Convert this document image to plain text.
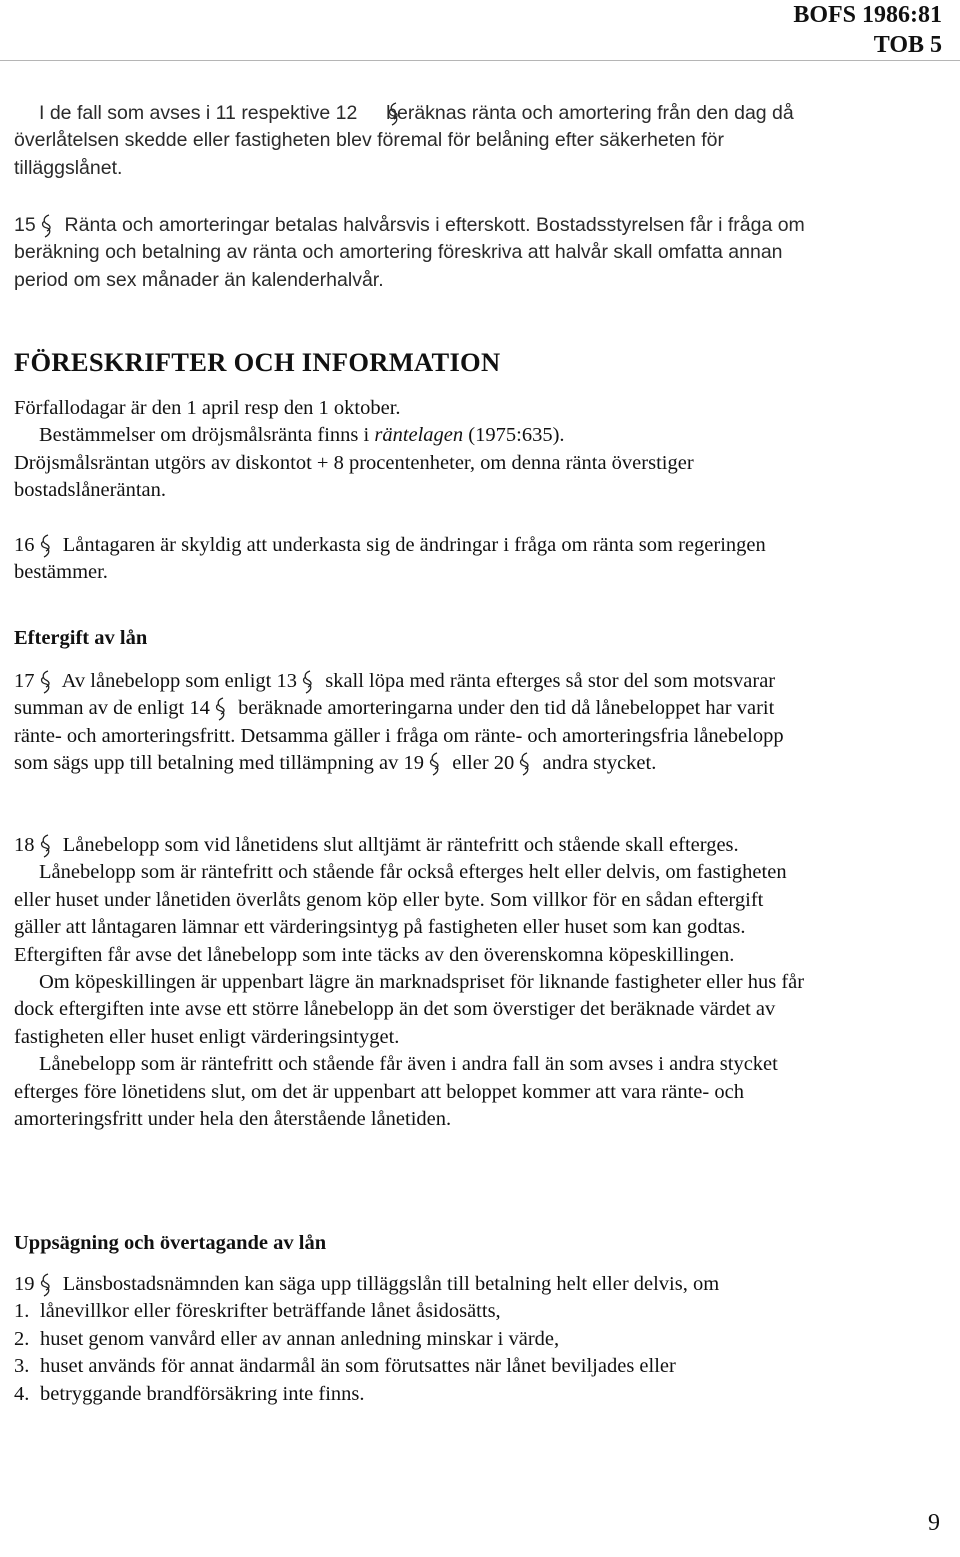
BOFS 1986:81
TOB 5

I de fall som avses i 11 respektive 12 beräknas ränta och amortering från den dag då överlåtelsen skedde eller fastigheten blev föremal för belåning efter säkerheten för tilläggslånet.

15 Ränta och amorteringar betalas halvårsvis i efterskott. Bostadsstyrelsen får i fråga om beräkning och betalning av ränta och amortering föreskriva att halvår skall omfatta annan period om sex månader än kalenderhalvår.

FÖRESKRIFTER OCH INFORMATION

Förfallodagar är den 1 april resp den 1 oktober.

Bestämmelser om dröjsmålsränta finns i räntelagen (1975:635).

Dröjsmålsräntan utgörs av diskontot + 8 procentenheter, om denna ränta överstiger bostadslåneräntan.

16 Låntagaren är skyldig att underkasta sig de ändringar i fråga om ränta som regeringen bestämmer.

Eftergift av lån

17 Av lånebelopp som enligt 13 skall löpa med ränta efterges så stor del som motsvarar summan av de enligt 14 beräknade amorteringarna under den tid då lånebeloppet har varit ränte- och amorteringsfritt. Detsamma gäller i fråga om ränte- och amorteringsfria lånebelopp som sägs upp till betalning med tillämpning av 19 eller 20 andra stycket.

18 Lånebelopp som vid lånetidens slut alltjämt är räntefritt och stående skall efterges.

Lånebelopp som är räntefritt och stående får också efterges helt eller delvis, om fastigheten eller huset under lånetiden överlåts genom köp eller byte. Som villkor för en sådan eftergift gäller att låntagaren lämnar ett värderingsintyg på fastigheten eller huset som kan godtas. Eftergiften får avse det lånebelopp som inte täcks av den överenskomna köpeskillingen.

Om köpeskillingen är uppenbart lägre än marknadspriset för liknande fastigheter eller hus får dock eftergiften inte avse ett större lånebelopp än det som överstiger det beräknade värdet av fastigheten eller huset enligt värderingsintyget.

Lånebelopp som är räntefritt och stående får även i andra fall än som avses i andra stycket efterges före lönetidens slut, om det är uppenbart att beloppet kommer att vara ränte- och amorteringsfritt under hela den återstående lånetiden.

Uppsägning och övertagande av lån

19 Länsbostadsnämnden kan säga upp tilläggslån till betalning helt eller delvis, om

1. lånevillkor eller föreskrifter beträffande lånet åsidosätts,
2. huset genom vanvård eller av annan anledning minskar i värde,
3. huset används för annat ändarmål än som förutsattes när lånet beviljades eller
4. betryggande brandförsäkring inte finns.
9
